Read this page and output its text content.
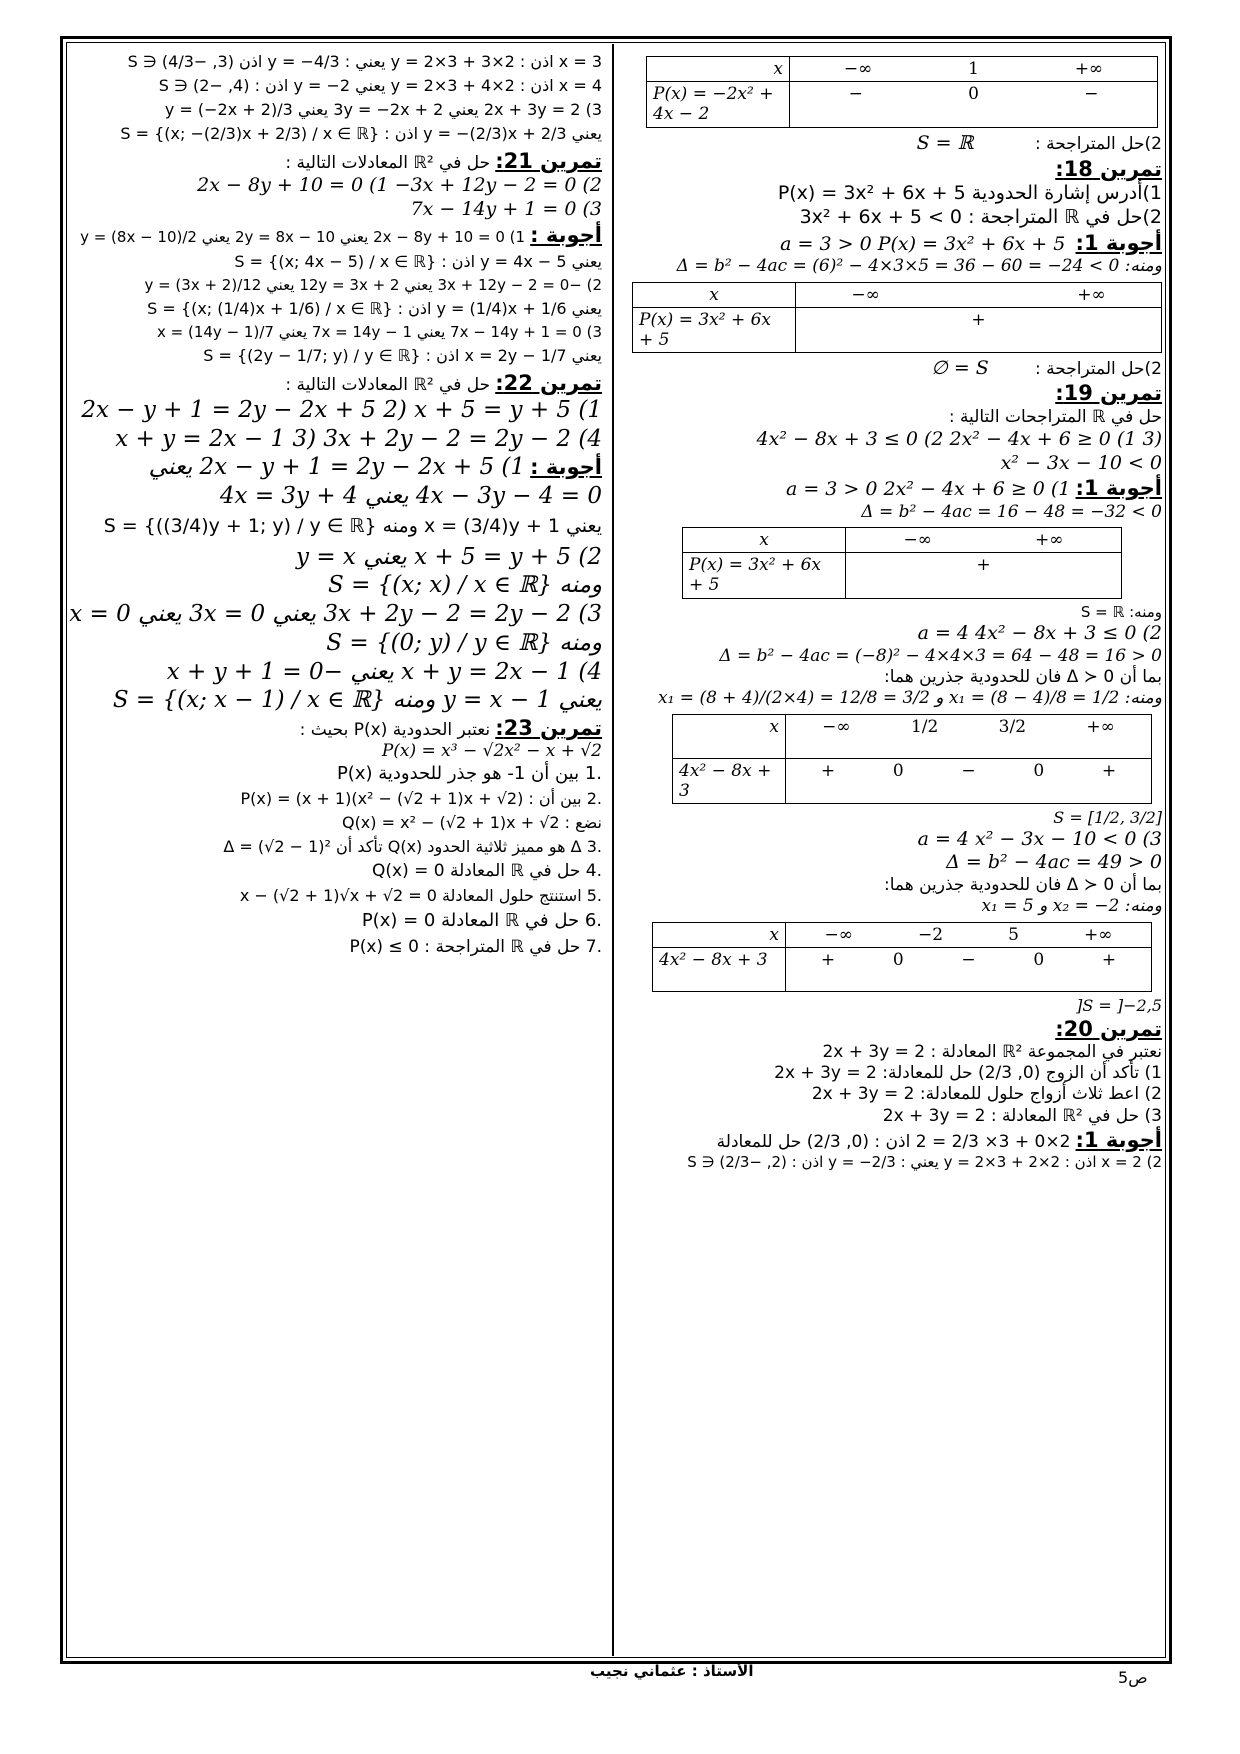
x	−∞ 1 +∞

P(x) = −2x² + 4x − 2	− 0 −
2)حل المتراجحة :    S = ℝ
تمرين 18:
1)أدرس إشارة الحدودية P(x) = 3x² + 6x + 5
2)حل في ℝ المتراجحة : 3x² + 6x + 5 < 0
أجوبة 1:  a = 3 > 0 P(x) = 3x² + 6x + 5
ومنه: Δ = b² − 4ac = (6)² − 4×3×5 = 36 − 60 = −24 < 0
x	−∞ +∞

P(x) = 3x² + 6x + 5	+
2)حل المتراجحة :   S = ∅
تمرين 19:
حل في ℝ المتراجحات التالية :
(3 4x² − 8x + 3 ≤ 0 (2 2x² − 4x + 6 ≥ 0 (1
x² − 3x − 10 < 0
أجوبة 1: a = 3 > 0 2x² − 4x + 6 ≥ 0 (1
Δ = b² − 4ac = 16 − 48 = −32 < 0
x	−∞ +∞

P(x) = 3x² + 6x + 5	+
ومنه: S = ℝ
a = 4 4x² − 8x + 3 ≤ 0 (2
Δ = b² − 4ac = (−8)² − 4×4×3 = 64 − 48 = 16 > 0
بما أن Δ ≻ 0 فان للحدودية جذرين هما:
ومنه: x₁ = (8 − 4)/8 = 1/2 و x₁ = (8 + 4)/(2×4) = 12/8 = 3/2
x	−∞ 1/2 3/2 +∞

4x² − 8x + 3	+ 0 − 0 +
S = [1/2, 3/2]
a = 4 x² − 3x − 10 < 0 (3
Δ = b² − 4ac = 49 > 0
بما أن Δ ≻ 0 فان للحدودية جذرين هما:
ومنه: x₂ = −2 و x₁ = 5
x	−∞ −2 5 +∞

4x² − 8x + 3	+ 0 − 0 +
S = ]−2,5[
تمرين 20:
نعتبر في المجموعة ℝ² المعادلة : 2x + 3y = 2
1) تأكد أن الزوج (0, 2/3) حل للمعادلة: 2x + 3y = 2
2) اعط ثلاث أزواج حلول للمعادلة: 2x + 3y = 2
3) حل في ℝ² المعادلة : 2x + 3y = 2
أجوبة 1: 2×0 + 3× 2/3 = 2 اذن : (0, 2/3) حل للمعادلة
x = 2 (2 اذن : 2×2 + 3×y = 2 يعني : y = −2/3 اذن : (2, −2/3) ∈ S
x = 3 اذن : 2×3 + 3×y = 2 يعني : y = −4/3 اذن (3, −4/3) ∈ S
x = 4 اذن : 2×4 + 3×y = 2 يعني y = −2 اذن : (4, −2) ∈ S
3) 2x + 3y = 2 يعني 3y = −2x + 2 يعني y = (−2x + 2)/3
يعني y = −(2/3)x + 2/3 اذن : S = {(x; −(2/3)x + 2/3) / x ∈ ℝ}
تمرين 21: حل في ℝ² المعادلات التالية :
2x − 8y + 10 = 0 (1 −3x + 12y − 2 = 0 (2
7x − 14y + 1 = 0 (3
أجوبة : 1) 2x − 8y + 10 = 0 يعني 2y = 8x − 10 يعني y = (8x − 10)/2
يعني y = 4x − 5 اذن : S = {(x; 4x − 5) / x ∈ ℝ}
2) −3x + 12y − 2 = 0 يعني 12y = 3x + 2 يعني y = (3x + 2)/12
يعني y = (1/4)x + 1/6 اذن : S = {(x; (1/4)x + 1/6) / x ∈ ℝ}
3) 7x − 14y + 1 = 0 يعني 7x = 14y − 1 يعني x = (14y − 1)/7
يعني x = 2y − 1/7 اذن : S = {(2y − 1/7; y) / y ∈ ℝ}
تمرين 22: حل في ℝ² المعادلات التالية :
1) 2x − y + 1 = 2y − 2x + 5 2) x + 5 = y + 5
4) x + y = 2x − 1 3) 3x + 2y − 2 = 2y − 2
أجوبة : 1) 2x − y + 1 = 2y − 2x + 5 يعني
4x − 3y − 4 = 0 يعني 4x = 3y + 4
يعني x = (3/4)y + 1 ومنه S = {((3/4)y + 1; y) / y ∈ ℝ}
2) x + 5 = y + 5 يعني y = x
ومنه S = {(x; x) / x ∈ ℝ}
3) 3x + 2y − 2 = 2y − 2 يعني 3x = 0 يعني x = 0
ومنه S = {(0; y) / y ∈ ℝ}
4) x + y = 2x − 1 يعني −x + y + 1 = 0
يعني y = x − 1 ومنه S = {(x; x − 1) / x ∈ ℝ}
تمرين 23: نعتبر الحدودية P(x) بحيث :
P(x) = x³ − √2x² − x + √2
.1 بين أن 1- هو جذر للحدودية P(x)
.2 بين أن : P(x) = (x + 1)(x² − (√2 + 1)x + √2)
نضع : Q(x) = x² − (√2 + 1)x + √2
.3 Δ هو مميز ثلاثية الحدود Q(x) تأكد أن Δ = (√2 − 1)²
.4 حل في ℝ المعادلة Q(x) = 0
.5 استنتج حلول المعادلة x − (√2 + 1)√x + √2 = 0
.6 حل في ℝ المعادلة P(x) = 0
.7 حل في ℝ المتراجحة : P(x) ≤ 0
الأستاذ : عثماني نجيب	ص5
